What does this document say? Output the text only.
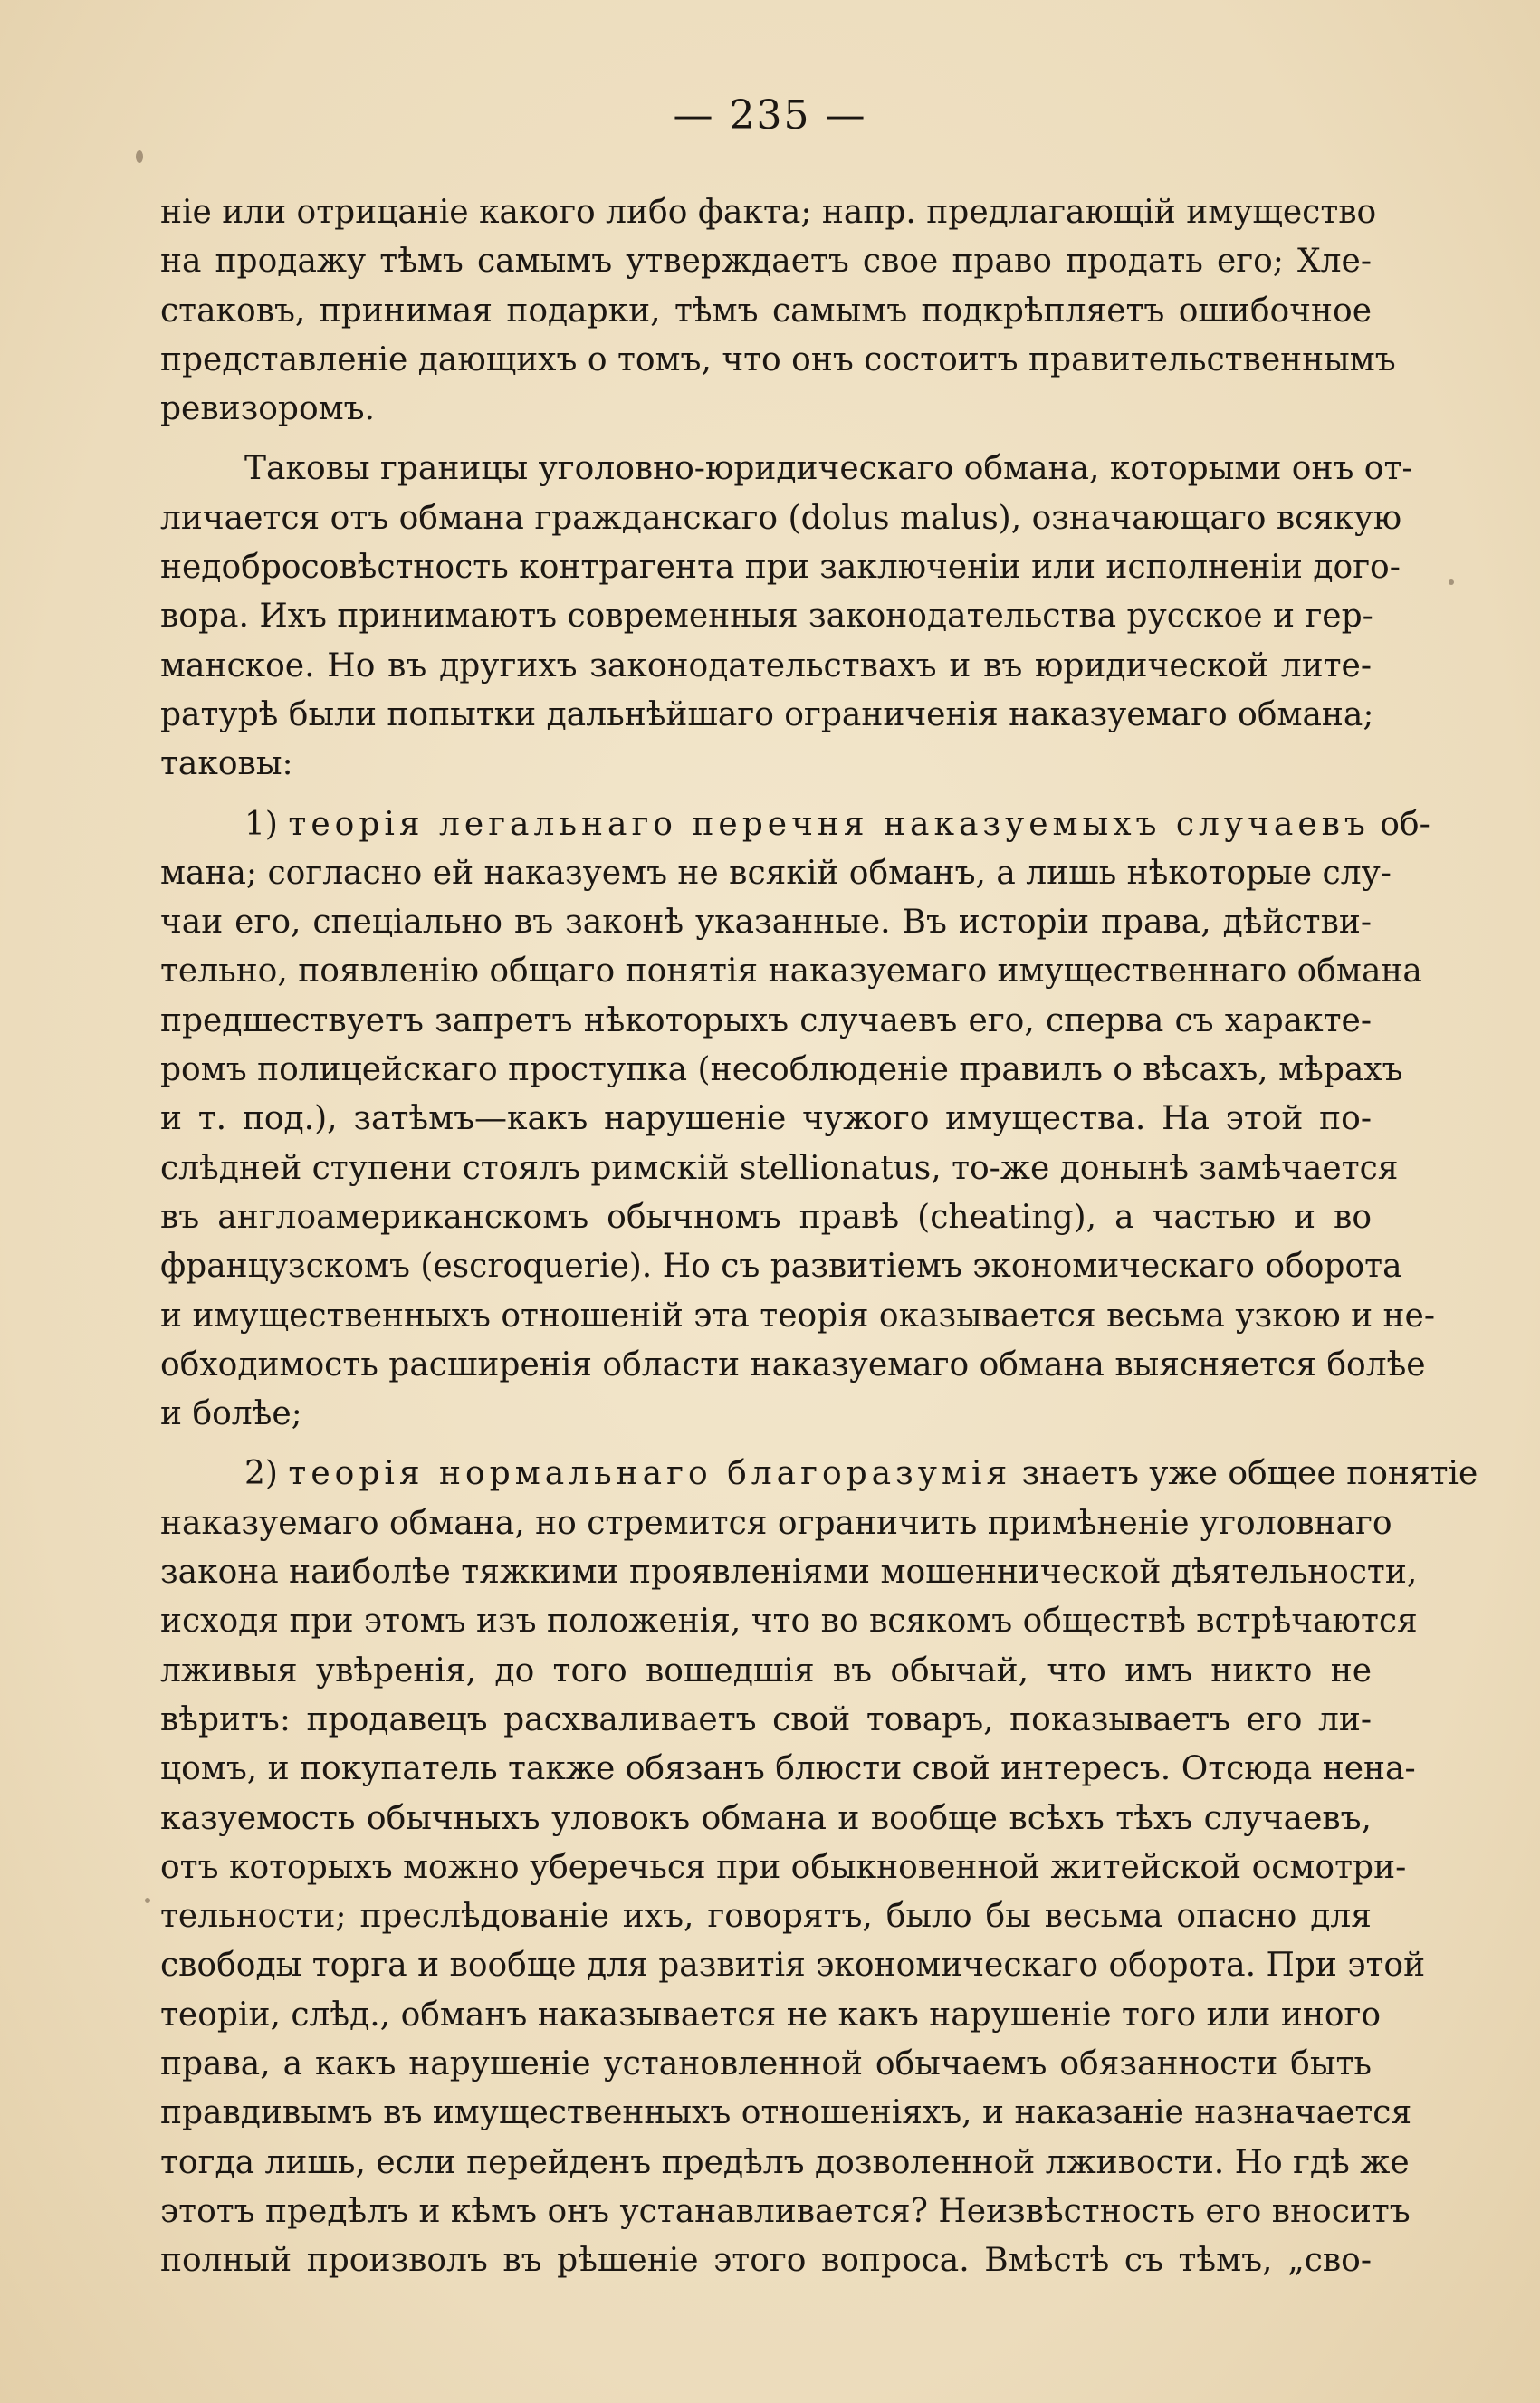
— 235 —
ніе или отрицаніе какого либо факта; напр. предлагающій имущество
на продажу тѣмъ самымъ утверждаетъ свое право продать его; Хле-
стаковъ, принимая подарки, тѣмъ самымъ подкрѣпляетъ ошибочное
представленіе дающихъ о томъ, что онъ состоитъ правительственнымъ
ревизоромъ.
Таковы границы уголовно-юридическаго обмана, которыми онъ от-
личается отъ обмана гражданскаго (dolus malus), означающаго всякую
недобросовѣстность контрагента при заключеніи или исполненіи дого-
вора. Ихъ принимаютъ современныя законодательства русское и гер-
манское. Но въ другихъ законодательствахъ и въ юридической лите-
ратурѣ были попытки дальнѣйшаго ограниченія наказуемаго обмана;
таковы:
1) теорія легальнаго перечня наказуемыхъ случаевъ об-
мана; согласно ей наказуемъ не всякій обманъ, а лишь нѣкоторые слу-
чаи его, спеціально въ законѣ указанные. Въ исторіи права, дѣйстви-
тельно, появленію общаго понятія наказуемаго имущественнаго обмана
предшествуетъ запретъ нѣкоторыхъ случаевъ его, сперва съ характе-
ромъ полицейскаго проступка (несоблюденіе правилъ о вѣсахъ, мѣрахъ
и т. под.), затѣмъ—какъ нарушеніе чужого имущества. На этой по-
слѣдней ступени стоялъ римскій stellionatus, то-же донынѣ замѣчается
въ англоамериканскомъ обычномъ правѣ (cheating), а частью и во
французскомъ (escroquerie). Но съ развитіемъ экономическаго оборота
и имущественныхъ отношеній эта теорія оказывается весьма узкою и не-
обходимость расширенія области наказуемаго обмана выясняется болѣе
и болѣе;
2) теорія нормальнаго благоразумія знаетъ уже общее понятіе
наказуемаго обмана, но стремится ограничить примѣненіе уголовнаго
закона наиболѣе тяжкими проявленіями мошеннической дѣятельности,
исходя при этомъ изъ положенія, что во всякомъ обществѣ встрѣчаются
лживыя увѣренія, до того вошедшія въ обычай, что имъ никто не
вѣритъ: продавецъ расхваливаетъ свой товаръ, показываетъ его ли-
цомъ, и покупатель также обязанъ блюсти свой интересъ. Отсюда нена-
казуемость обычныхъ уловокъ обмана и вообще всѣхъ тѣхъ случаевъ,
отъ которыхъ можно уберечься при обыкновенной житейской осмотри-
тельности; преслѣдованіе ихъ, говорятъ, было бы весьма опасно для
свободы торга и вообще для развитія экономическаго оборота. При этой
теоріи, слѣд., обманъ наказывается не какъ нарушеніе того или иного
права, а какъ нарушеніе установленной обычаемъ обязанности быть
правдивымъ въ имущественныхъ отношеніяхъ, и наказаніе назначается
тогда лишь, если перейденъ предѣлъ дозволенной лживости. Но гдѣ же
этотъ предѣлъ и кѣмъ онъ устанавливается? Неизвѣстность его вноситъ
полный произволъ въ рѣшеніе этого вопроса. Вмѣстѣ съ тѣмъ, „сво-
